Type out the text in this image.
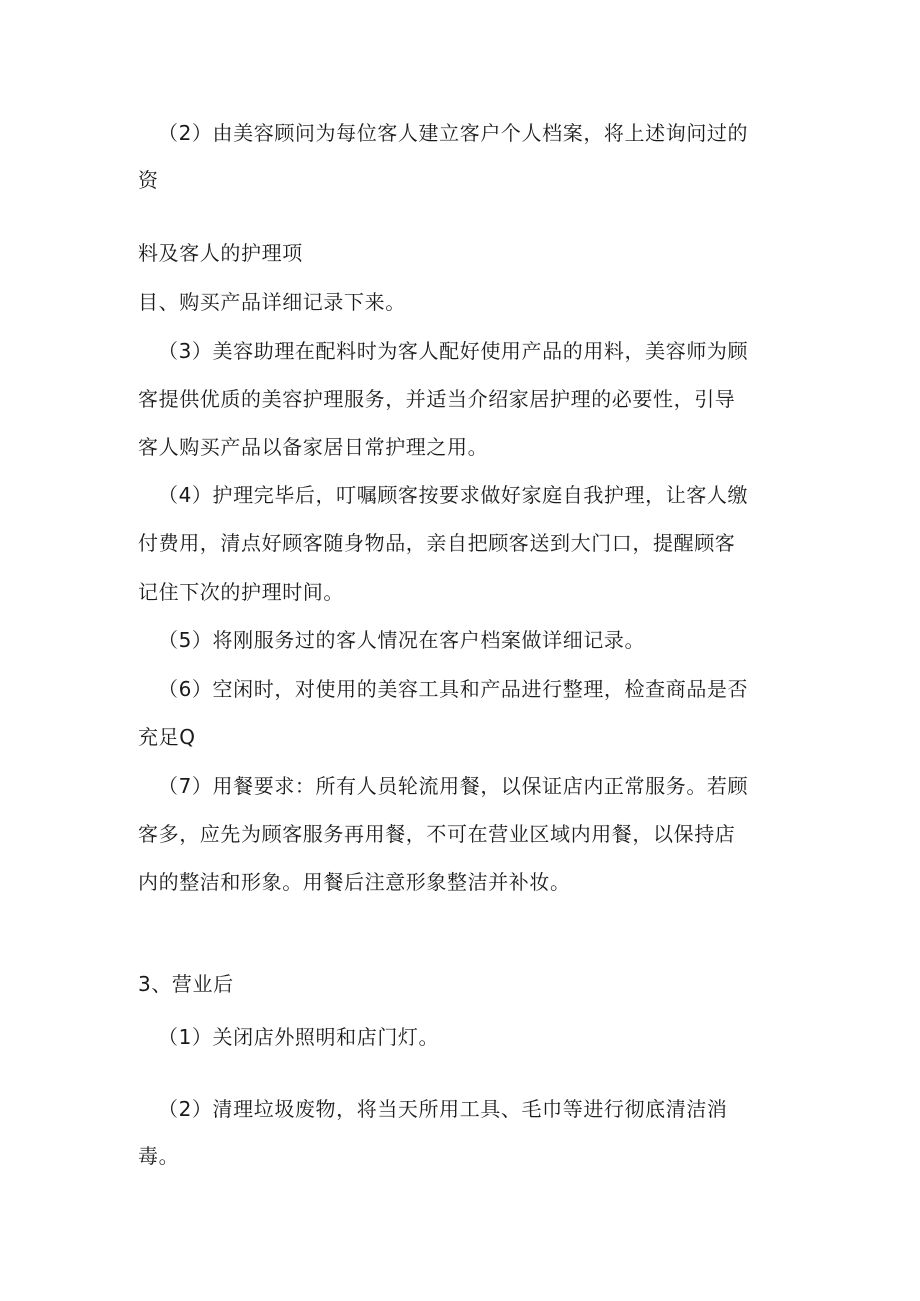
（2）由美容顾问为每位客人建立客户个人档案，将上述询问过的
资
料及客人的护理项
目、购买产品详细记录下来。
（3）美容助理在配料时为客人配好使用产品的用料，美容师为顾
客提供优质的美容护理服务，并适当介绍家居护理的必要性，引导
客人购买产品以备家居日常护理之用。
（4）护理完毕后，叮嘱顾客按要求做好家庭自我护理，让客人缴
付费用，清点好顾客随身物品，亲自把顾客送到大门口，提醒顾客
记住下次的护理时间。
（5）将刚服务过的客人情况在客户档案做详细记录。
（6）空闲时，对使用的美容工具和产品进行整理，检查商品是否
充足Q
（7）用餐要求：所有人员轮流用餐，以保证店内正常服务。若顾
客多，应先为顾客服务再用餐，不可在营业区域内用餐，以保持店
内的整洁和形象。用餐后注意形象整洁并补妆。
3、营业后
（1）关闭店外照明和店门灯。
（2）清理垃圾废物，将当天所用工具、毛巾等进行彻底清洁消
毒。
